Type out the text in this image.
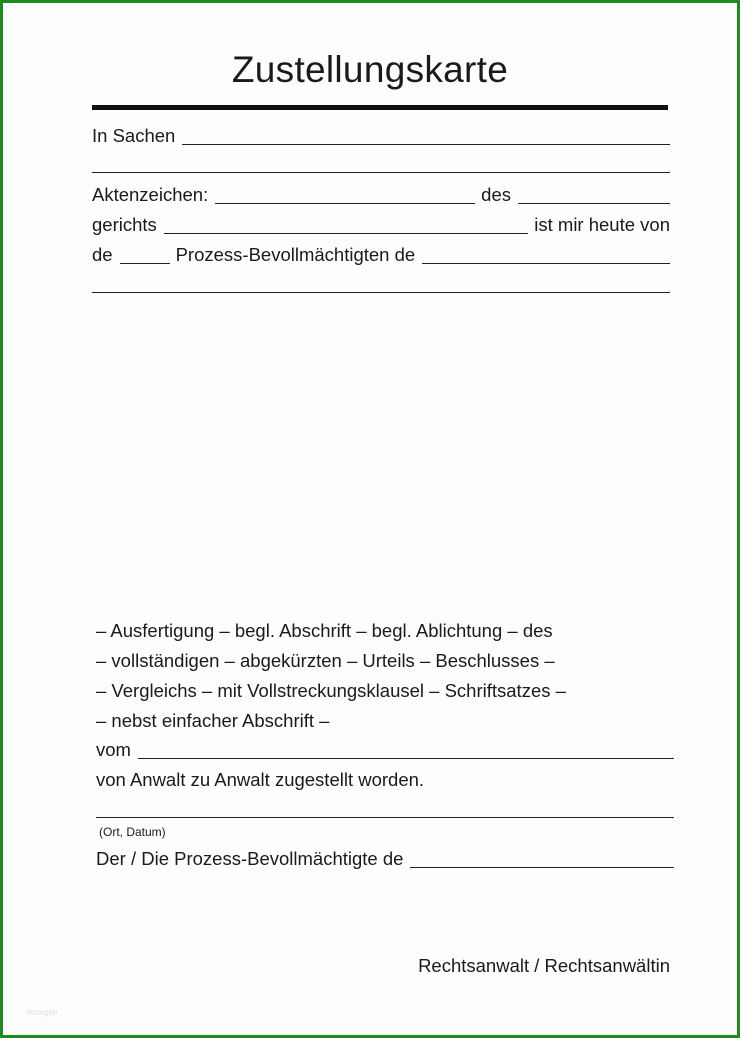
Zustellungskarte
In Sachen
Aktenzeichen:	des
gerichts	ist mir heute von
de	Prozess-Bevollmächtigten de
– Ausfertigung – begl. Abschrift – begl. Ablichtung – des
– vollständigen – abgekürzten – Urteils – Beschlusses –
– Vergleichs – mit Vollstreckungsklausel – Schriftsatzes –
– nebst einfacher Abschrift –
vom
von Anwalt zu Anwalt zugestellt worden.
(Ort, Datum)
Der / Die Prozess-Bevollmächtigte de
Rechtsanwalt / Rechtsanwältin
Vorlagen
